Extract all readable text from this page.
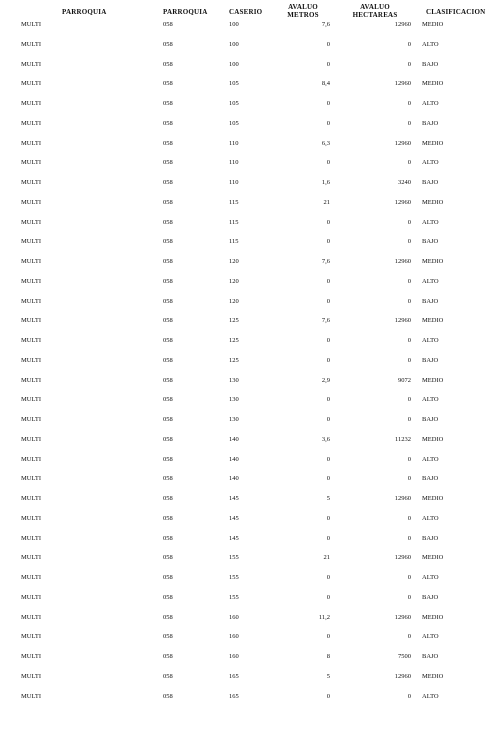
PARROQUIA	PARROQUIA	CASERIO
AVALUO
METROS
AVALUO
HECTAREAS	CLASIFICACION
MULTI	058	100	7,6	12960 MEDIO
MULTI	058	100	0	0 ALTO
MULTI	058	100	0	0 BAJO
MULTI	058	105	8,4	12960 MEDIO
MULTI	058	105	0	0 ALTO
MULTI	058	105	0	0 BAJO
MULTI	058	110	6,3	12960 MEDIO
MULTI	058	110	0	0 ALTO
MULTI	058	110	1,6	3240 BAJO
MULTI	058	115	21	12960 MEDIO
MULTI	058	115	0	0 ALTO
MULTI	058	115	0	0 BAJO
MULTI	058	120	7,6	12960 MEDIO
MULTI	058	120	0	0 ALTO
MULTI	058	120	0	0 BAJO
MULTI	058	125	7,6	12960 MEDIO
MULTI	058	125	0	0 ALTO
MULTI	058	125	0	0 BAJO
MULTI	058	130	2,9	9072 MEDIO
MULTI	058	130	0	0 ALTO
MULTI	058	130	0	0 BAJO
MULTI	058	140	3,6	11232 MEDIO
MULTI	058	140	0	0 ALTO
MULTI	058	140	0	0 BAJO
MULTI	058	145	5	12960 MEDIO
MULTI	058	145	0	0 ALTO
MULTI	058	145	0	0 BAJO
MULTI	058	155	21	12960 MEDIO
MULTI	058	155	0	0 ALTO
MULTI	058	155	0	0 BAJO
MULTI	058	160	11,2	12960 MEDIO
MULTI	058	160	0	0 ALTO
MULTI	058	160	8	7500 BAJO
MULTI	058	165	5	12960 MEDIO
MULTI	058	165	0	0 ALTO
